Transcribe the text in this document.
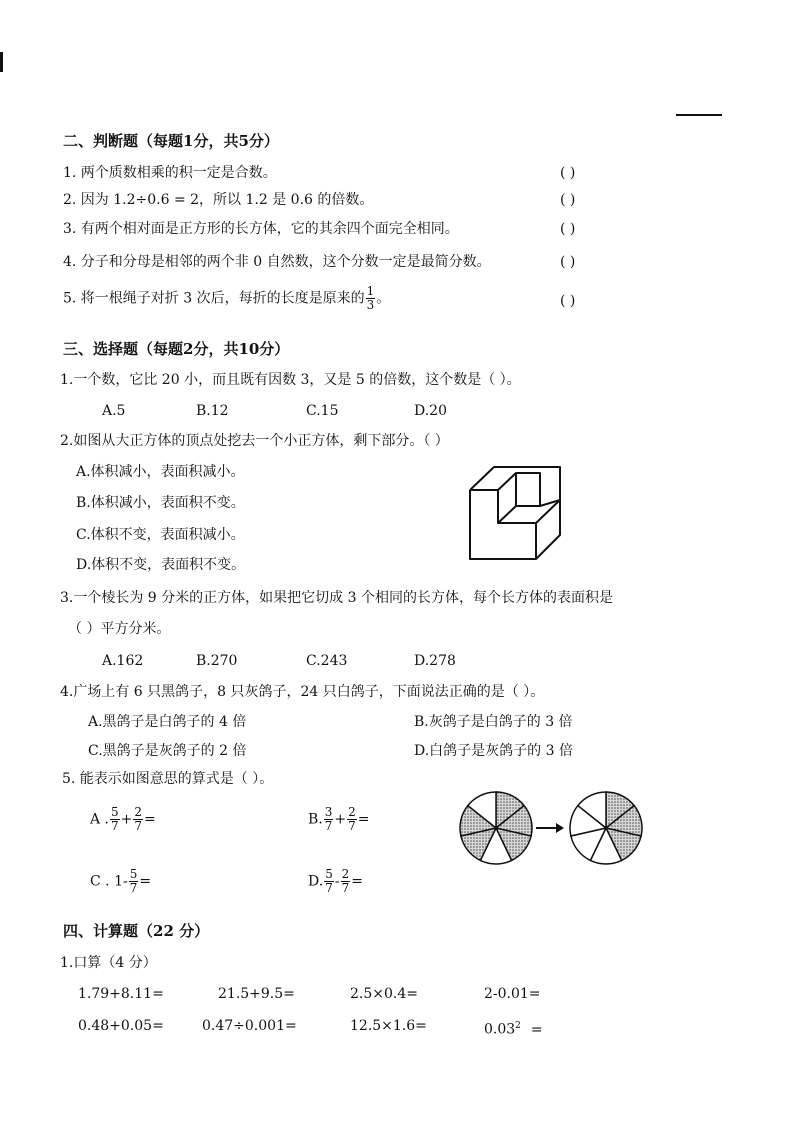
二、判断题（每题1分，共5分）
1. 两个质数相乘的积一定是合数。	( )
2. 因为 1.2÷0.6 = 2，所以 1.2 是 0.6 的倍数。	( )
3. 有两个相对面是正方形的长方体，它的其余四个面完全相同。	( )
4. 分子和分母是相邻的两个非 0 自然数，这个分数一定是最简分数。	( )
5. 将一根绳子对折 3 次后，每折的长度是原来的 $\frac{1}{3}$ 。	( )
三、选择题（每题2分，共10分）
1.一个数，它比 20 小，而且既有因数 3，又是 5 的倍数，这个数是（ ）。
A.5	B.12	C.15	D.20
2.如图从大正方体的顶点处挖去一个小正方体，剩下部分。（ ）
A.体积减小，表面积减小。
B.体积减小，表面积不变。
C.体积不变，表面积减小。
D.体积不变，表面积不变。
3.一个棱长为 9 分米的正方体，如果把它切成 3 个相同的长方体，每个长方体的表面积是
（ ）平方分米。
A.162	B.270	C.243	D.278
4.广场上有 6 只黑鸽子，8 只灰鸽子，24 只白鸽子，下面说法正确的是（ ）。
A.黑鸽子是白鸽子的 4 倍	B.灰鸽子是白鸽子的 3 倍
C.黑鸽子是灰鸽子的 2 倍	D.白鸽子是灰鸽子的 3 倍
5. 能表示如图意思的算式是（ ）。
A . $\frac{5}{7} + \frac{2}{7}$ =	B. $\frac{3}{7} + \frac{2}{7}$ =
C . $1- \frac{5}{7}$ =	D. $\frac{5}{7} - \frac{2}{7}$ =
四、计算题（22 分）
1.口算（4 分）
1.79+8.11=	21.5+9.5=	2.5×0.4=	2-0.01=
0.48+0.05=	0.47÷0.001=	12.5×1.6=	$0.03^2$ =
